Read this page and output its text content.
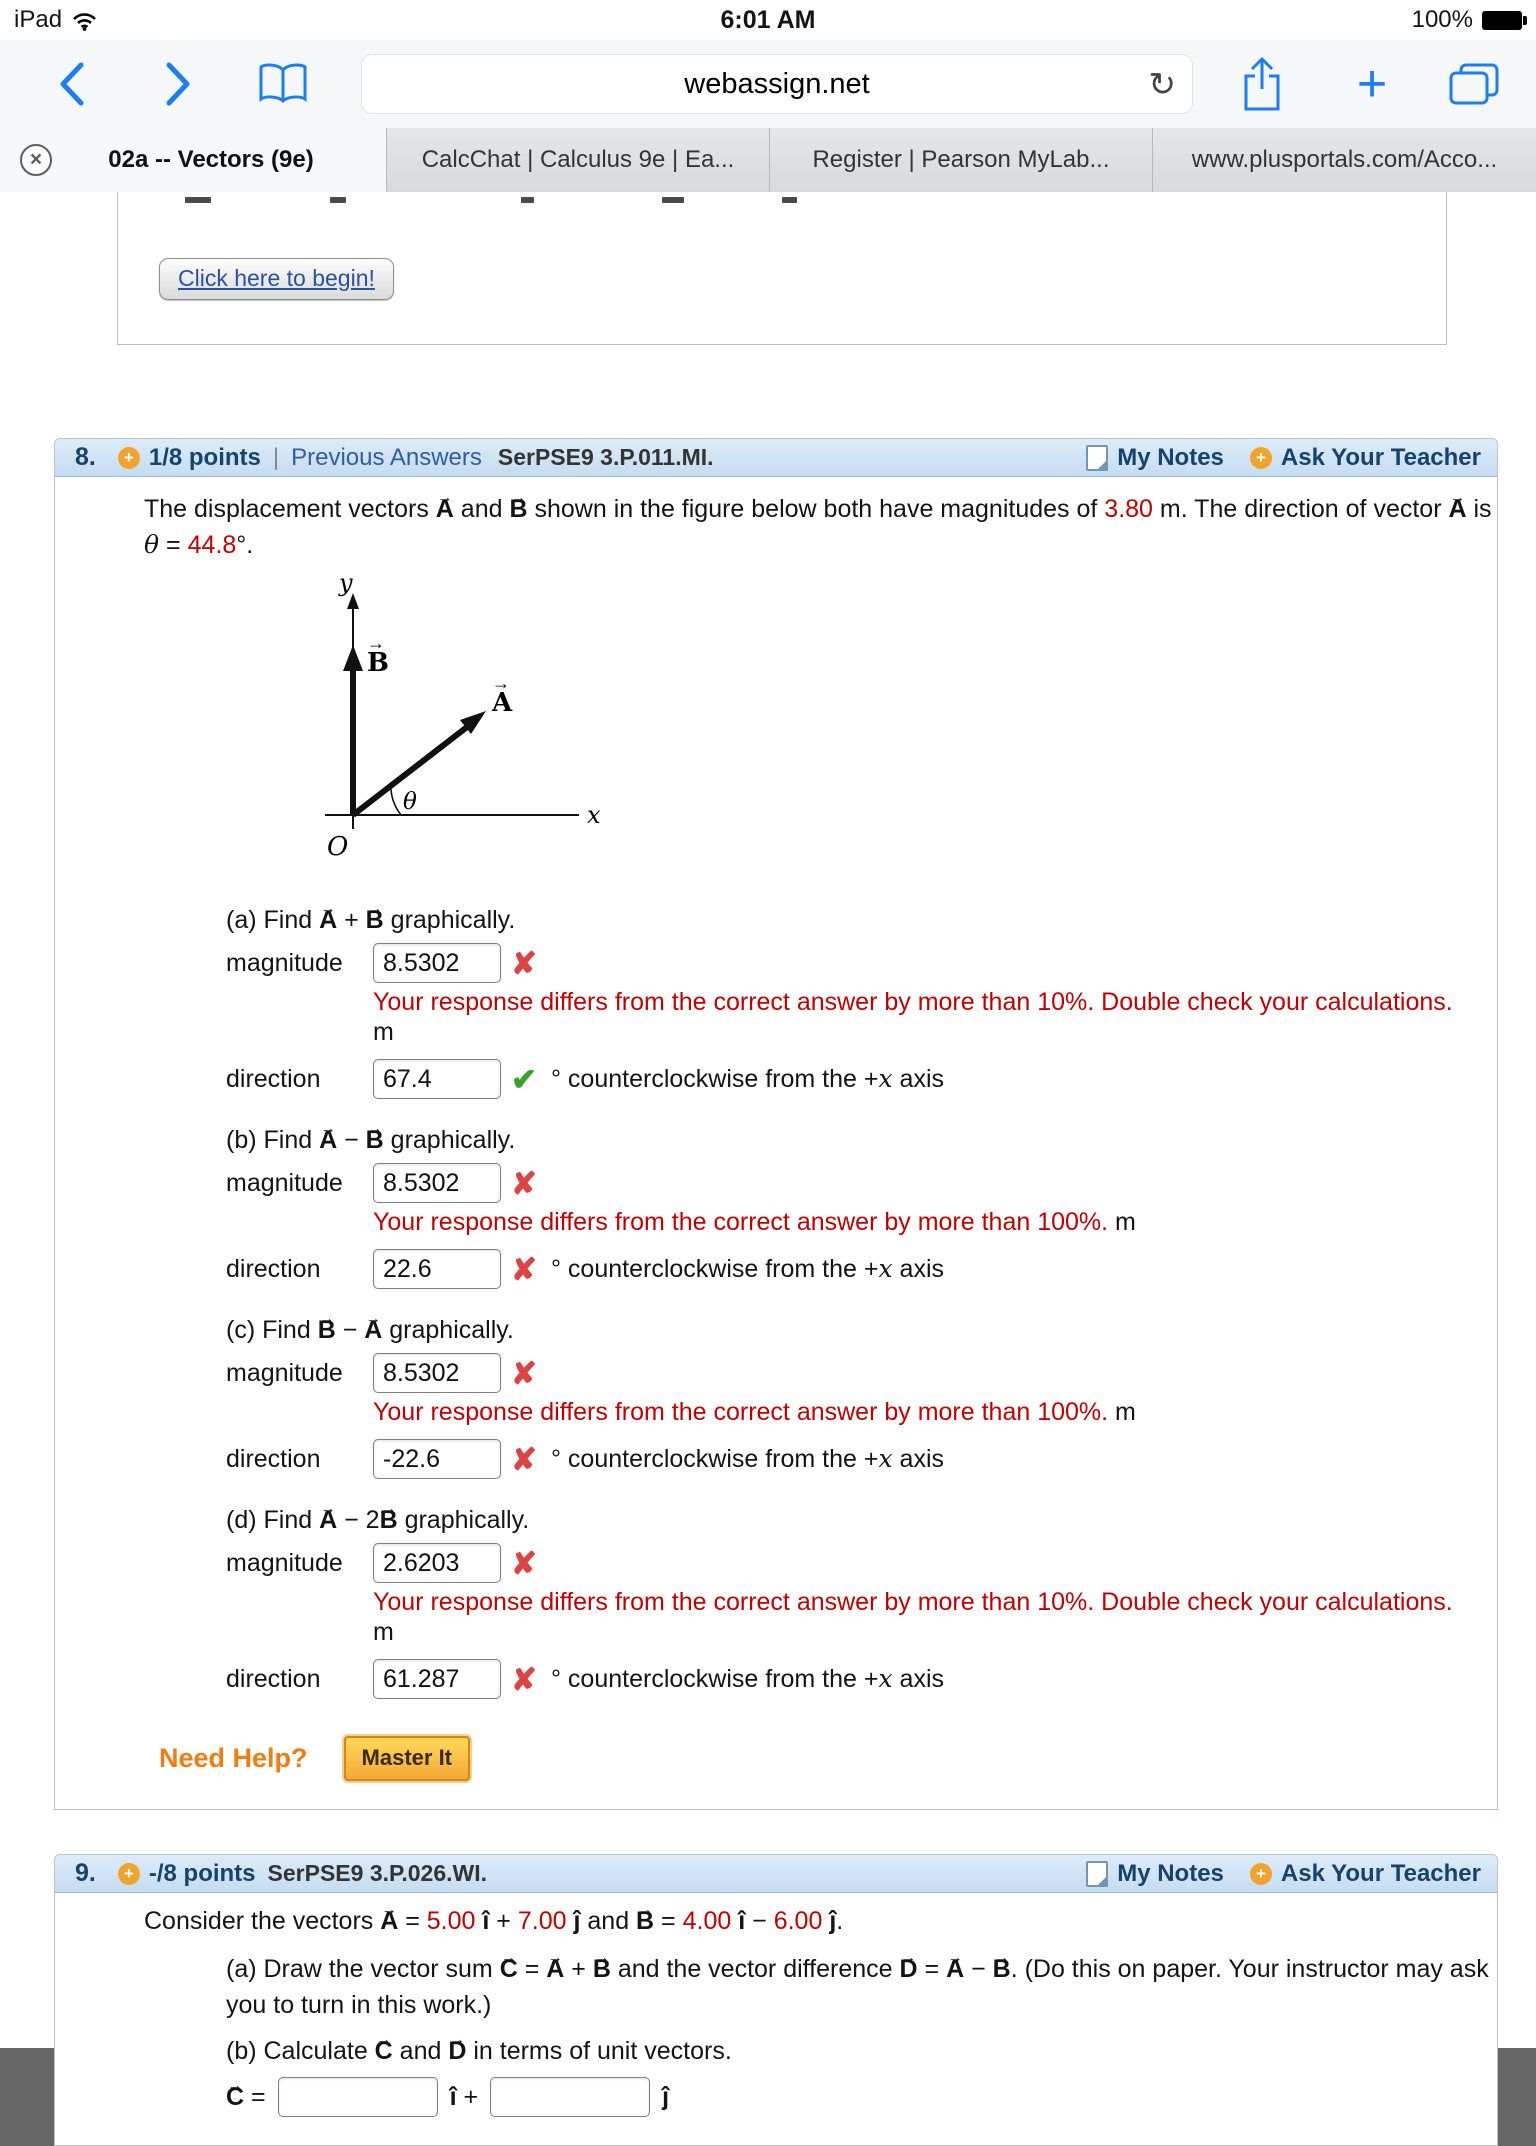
iPad	6:01 AM	100%
webassign.net	↻	+
×	02a -- Vectors (9e)	CalcChat | Calculus 9e | Ea...	Register | Pearson MyLab...	www.plusportals.com/Acco...
Click here to begin!
8.	+ 1/8 points | Previous Answers SerPSE9 3.P.011.MI.	My Notes	+ Ask Your Teacher

The displacement vectors → A and → B shown in the figure below both have magnitudes of 3.80 m. The direction of vector → A is θ = 44.8°.

y
x
O
θ
→
B
→
A

(a) Find → A + → B graphically.

magnitude
8.5302	✘

Your response differs from the correct answer by more than 10%. Double check your calculations. m

direction
67.4	✔ ° counterclockwise from the +x axis

(b) Find → A − → B graphically.

magnitude
8.5302	✘

Your response differs from the correct answer by more than 100%. m

direction
22.6	✘ ° counterclockwise from the +x axis

(c) Find → B − → A graphically.

magnitude
8.5302	✘

Your response differs from the correct answer by more than 100%. m

direction
-22.6	✘ ° counterclockwise from the +x axis

(d) Find → A − 2→ B graphically.

magnitude
2.6203	✘

Your response differs from the correct answer by more than 10%. Double check your calculations. m

direction
61.287	✘ ° counterclockwise from the +x axis
Need Help?	Master It
9.	+ -/8 points SerPSE9 3.P.026.WI.	My Notes	+ Ask Your Teacher

Consider the vectors → A = 5.00 î + 7.00 ĵ and → B = 4.00 î − 6.00 ĵ.

(a) Draw the vector sum → C = → A + → B and the vector difference → D = → A − → B. (Do this on paper. Your instructor may ask you to turn in this work.)

(b) Calculate → C and → D in terms of unit vectors.

→ C =	î +	ĵ
